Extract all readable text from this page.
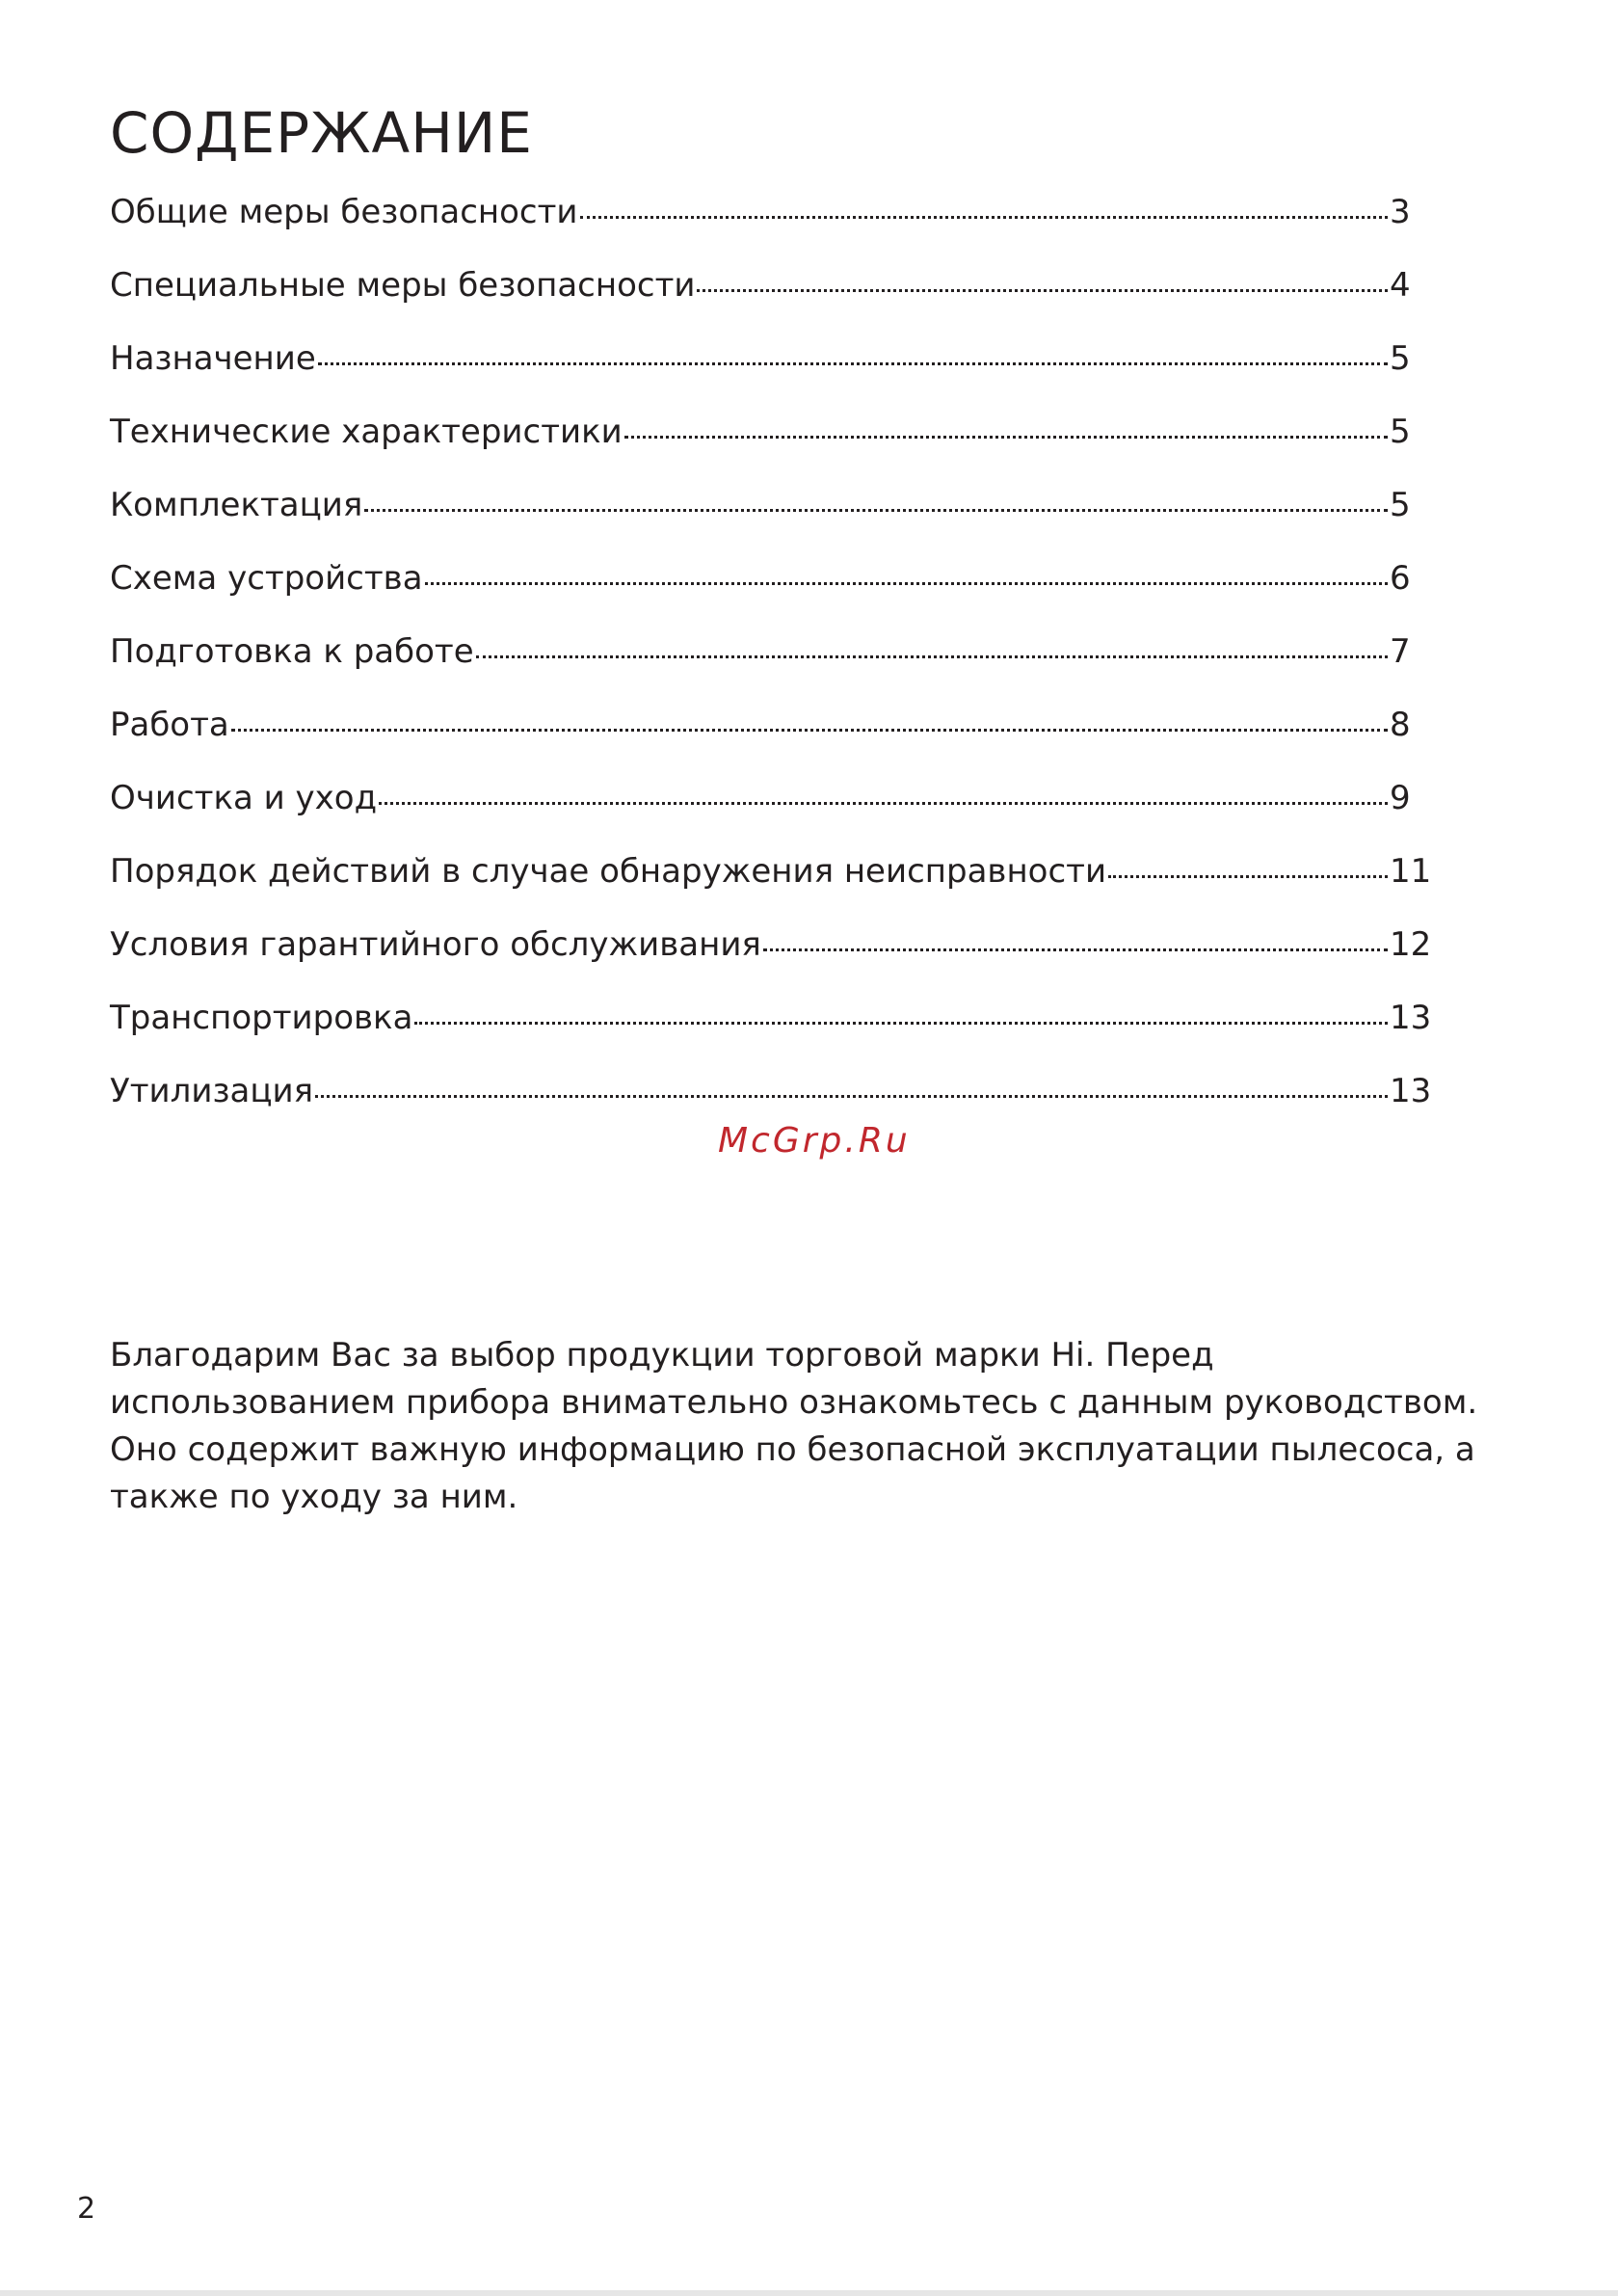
СОДЕРЖАНИЕ
Общие меры безопасности	3
Специальные меры безопасности	4
Назначение	5
Технические характеристики	5
Комплектация	5
Схема устройства	6
Подготовка к работе	7
Работа	8
Очистка и уход	9
Порядок действий в случае обнаружения неисправности	11
Условия гарантийного обслуживания	12
Транспортировка	13
Утилизация	13
McGrp.Ru

Благодарим Вас за выбор продукции торговой марки Hi. Перед использованием прибора внимательно ознакомьтесь с данным руководством. Оно содержит важную информацию по безопасной эксплуатации пылесоса, а также по уходу за ним.

2
